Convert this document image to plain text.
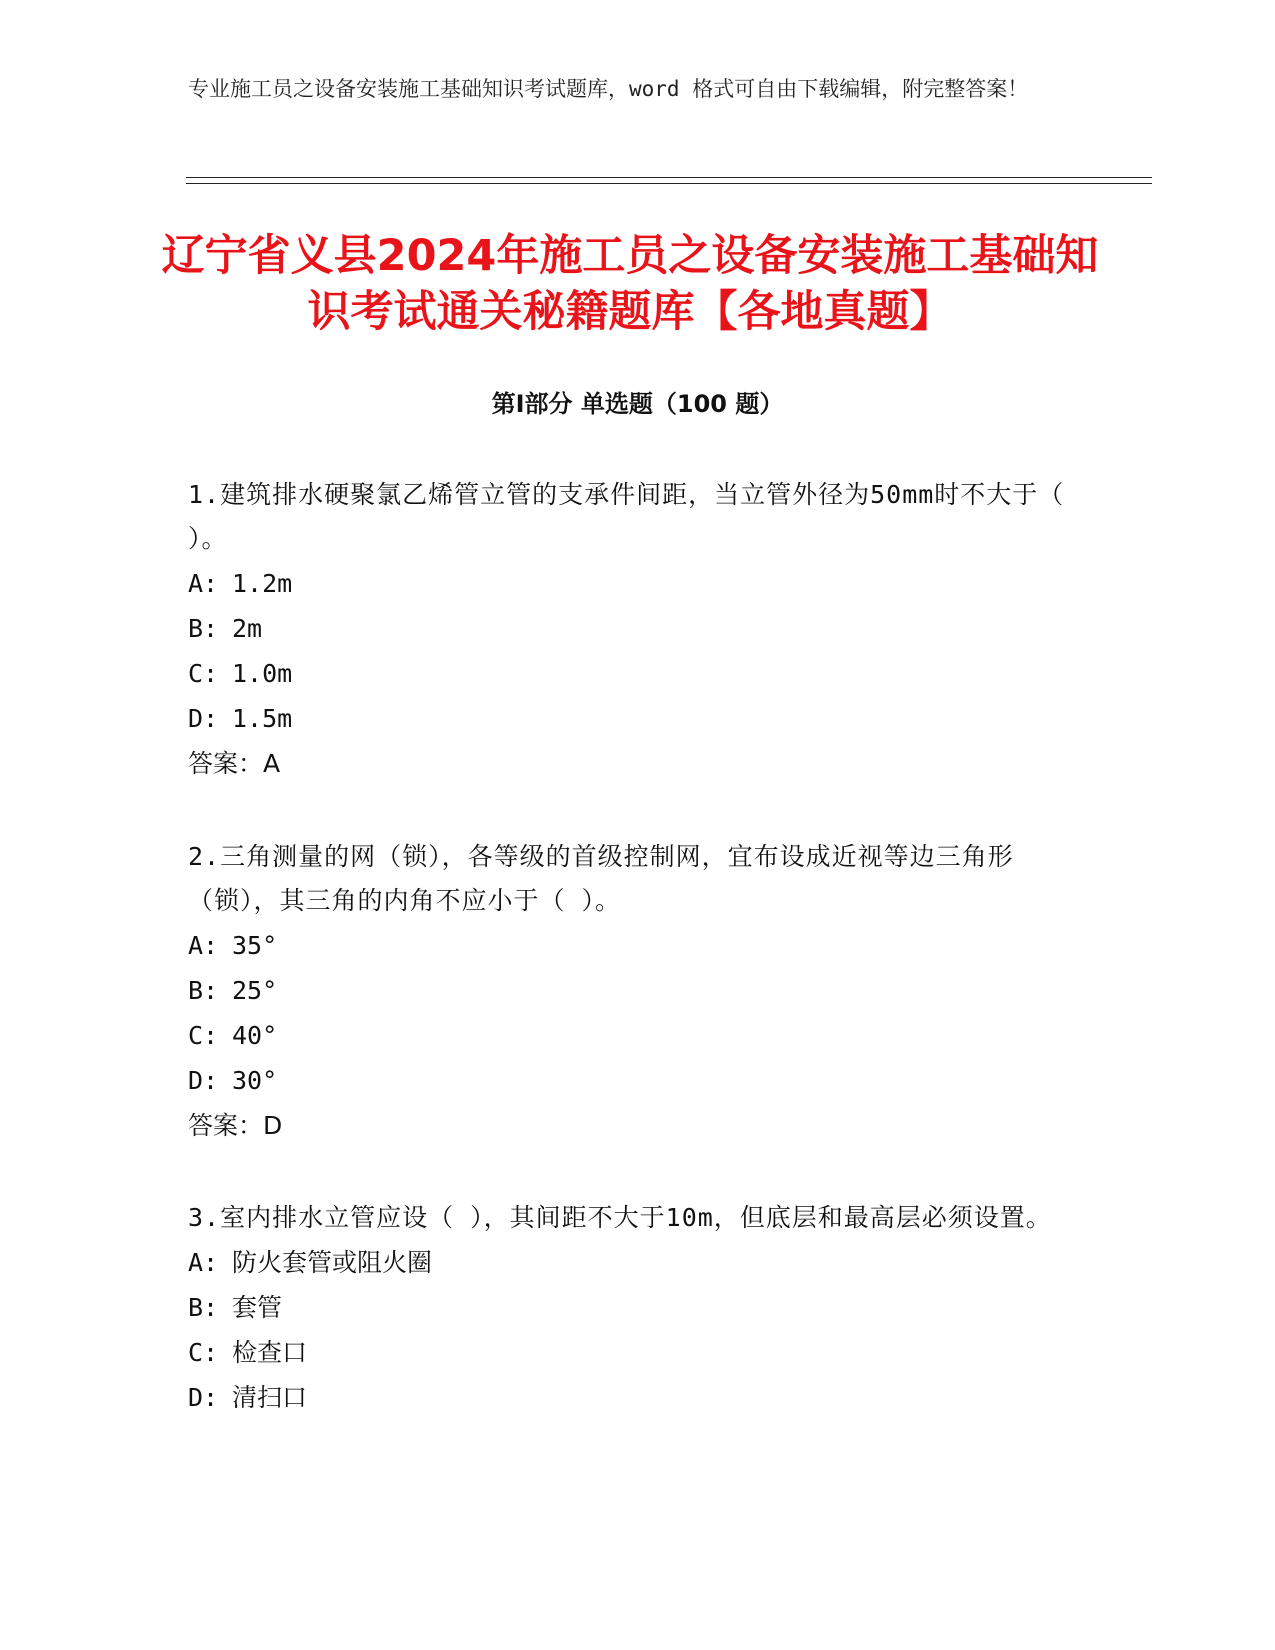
专业施工员之设备安装施工基础知识考试题库，word 格式可自由下载编辑，附完整答案！

辽宁省义县2024年施工员之设备安装施工基础知识考试通关秘籍题库【各地真题】
第Ⅰ部分 单选题（100 题）

1.建筑排水硬聚氯乙烯管立管的支承件间距，当立管外径为50mm时不大于（ ）。

A: 1.2m

B: 2m

C: 1.0m

D: 1.5m

答案：A

2.三角测量的网（锁），各等级的首级控制网，宜布设成近视等边三角形（锁），其三角的内角不应小于（ ）。

A: 35°

B: 25°

C: 40°

D: 30°

答案：D

3.室内排水立管应设（ ），其间距不大于10m，但底层和最高层必须设置。

A: 防火套管或阻火圈

B: 套管

C: 检查口

D: 清扫口
